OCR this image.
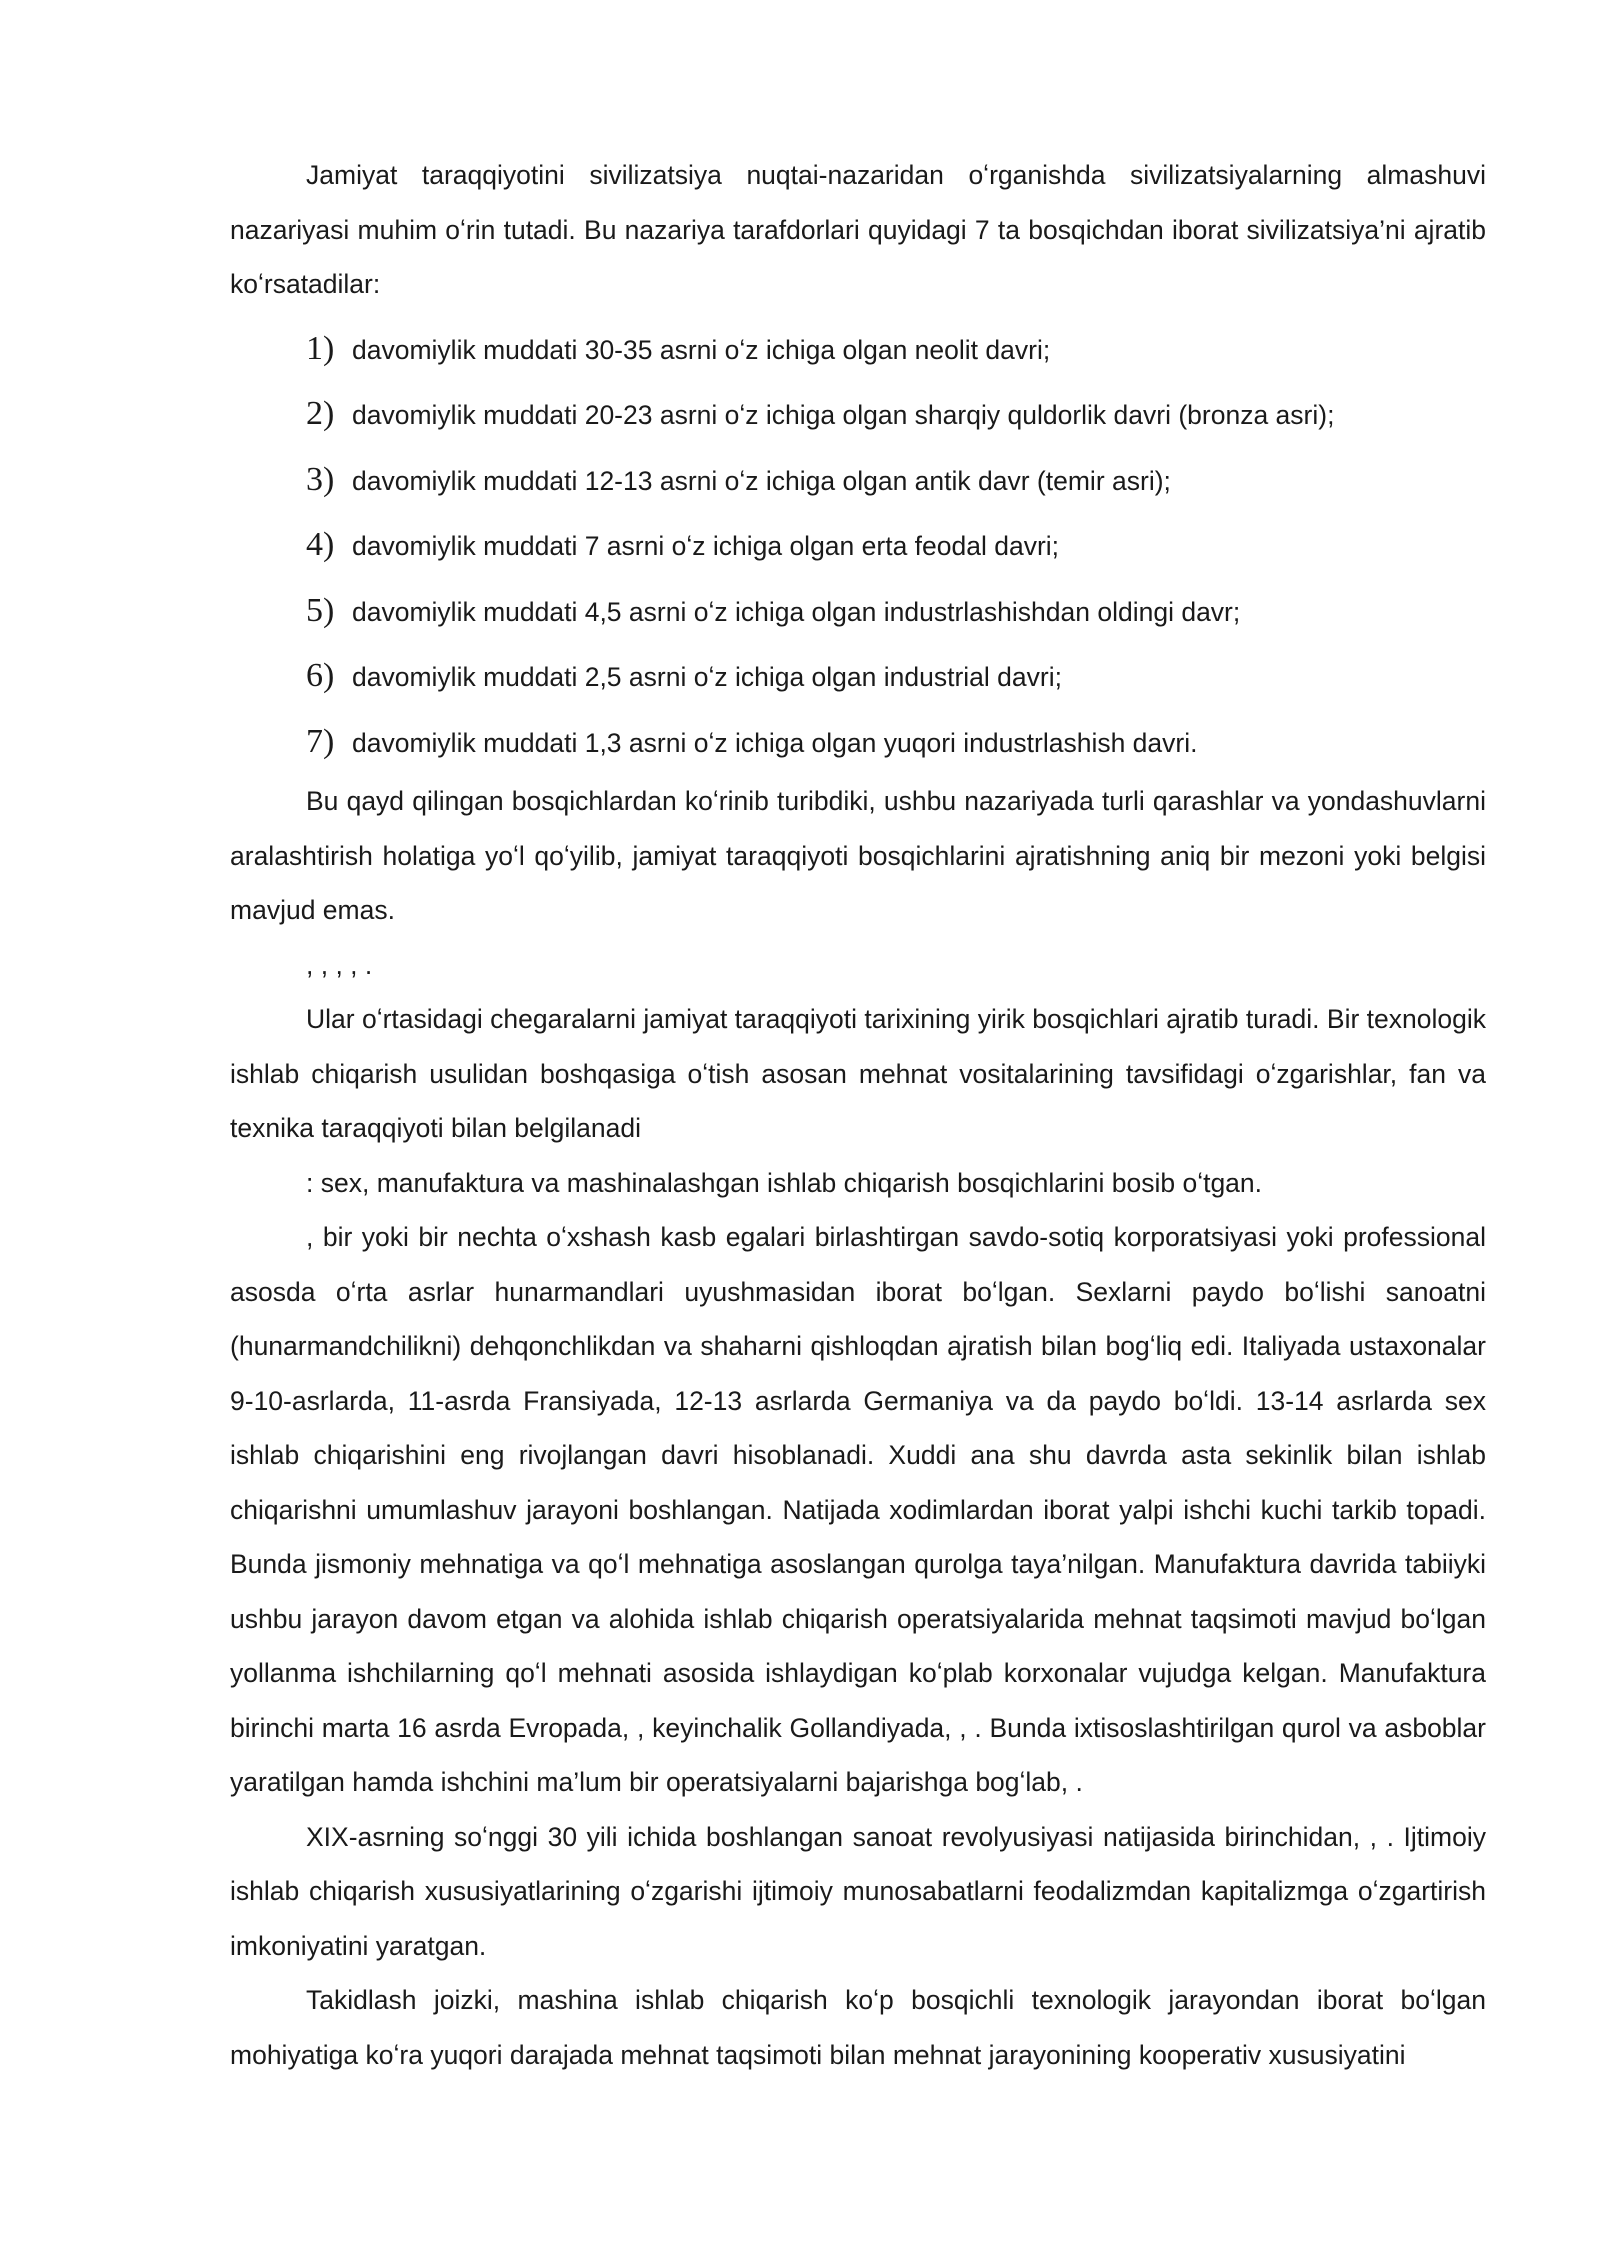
Jamiyat taraqqiyotini sivilizatsiya nuqtai-nazaridan oʻrganishda sivilizatsiyalarning almashuvi nazariyasi muhim oʻrin tutadi. Bu nazariya tarafdorlari quyidagi 7 ta bosqichdan iborat sivilizatsiya’ni ajratib koʻrsatadilar:

1) davomiylik muddati 30-35 asrni oʻz ichiga olgan neolit davri;
2) davomiylik muddati 20-23 asrni oʻz ichiga olgan sharqiy quldorlik davri (bronza asri);
3) davomiylik muddati 12-13 asrni oʻz ichiga olgan antik davr (temir asri);
4) davomiylik muddati 7 asrni oʻz ichiga olgan erta feodal davri;
5) davomiylik muddati 4,5 asrni oʻz ichiga olgan industrlashishdan oldingi davr;
6) davomiylik muddati 2,5 asrni oʻz ichiga olgan industrial davri;
7) davomiylik muddati 1,3 asrni oʻz ichiga olgan yuqori industrlashish davri.

Bu qayd qilingan bosqichlardan koʻrinib turibdiki, ushbu nazariyada turli qarashlar va yondashuvlarni aralashtirish holatiga yoʻl qoʻyilib, jamiyat taraqqiyoti bosqichlarini ajratishning aniq bir mezoni yoki belgisi mavjud emas.

, , , , .

Ular oʻrtasidagi chegaralarni jamiyat taraqqiyoti tarixining yirik bosqichlari ajratib turadi. Bir texnologik ishlab chiqarish usulidan boshqasiga oʻtish asosan mehnat vositalarining tavsifidagi oʻzgarishlar, fan va texnika taraqqiyoti bilan belgilanadi

: sex, manufaktura va mashinalashgan ishlab chiqarish bosqichlarini bosib oʻtgan.

, bir yoki bir nechta oʻxshash kasb egalari birlashtirgan savdo-sotiq korporatsiyasi yoki professional asosda oʻrta asrlar hunarmandlari uyushmasidan iborat boʻlgan. Sexlarni paydo boʻlishi sanoatni (hunarmandchilikni) dehqonchlikdan va shaharni qishloqdan ajratish bilan bogʻliq edi. Italiyada ustaxonalar 9-10-asrlarda, 11-asrda Fransiyada, 12-13 asrlarda Germaniya va da paydo boʻldi. 13-14 asrlarda sex ishlab chiqarishini eng rivojlangan davri hisoblanadi. Xuddi ana shu davrda asta sekinlik bilan ishlab chiqarishni umumlashuv jarayoni boshlangan. Natijada xodimlardan iborat yalpi ishchi kuchi tarkib topadi. Bunda jismoniy mehnatiga va qoʻl mehnatiga asoslangan qurolga taya’nilgan. Manufaktura davrida tabiiyki ushbu jarayon davom etgan va alohida ishlab chiqarish operatsiyalarida mehnat taqsimoti mavjud boʻlgan yollanma ishchilarning qoʻl mehnati asosida ishlaydigan koʻplab korxonalar vujudga kelgan. Manufaktura birinchi marta 16 asrda Evropada, , keyinchalik Gollandiyada, , . Bunda ixtisoslashtirilgan qurol va asboblar yaratilgan hamda ishchini ma’lum bir operatsiyalarni bajarishga bogʻlab, .

XIX-asrning soʻnggi 30 yili ichida boshlangan sanoat revolyusiyasi natijasida birinchidan, , . Ijtimoiy ishlab chiqarish xususiyatlarining oʻzgarishi ijtimoiy munosabatlarni feodalizmdan kapitalizmga oʻzgartirish imkoniyatini yaratgan.

Takidlash joizki, mashina ishlab chiqarish koʻp bosqichli texnologik jarayondan iborat boʻlgan mohiyatiga koʻra yuqori darajada mehnat taqsimoti bilan mehnat jarayonining kooperativ xususiyatini
